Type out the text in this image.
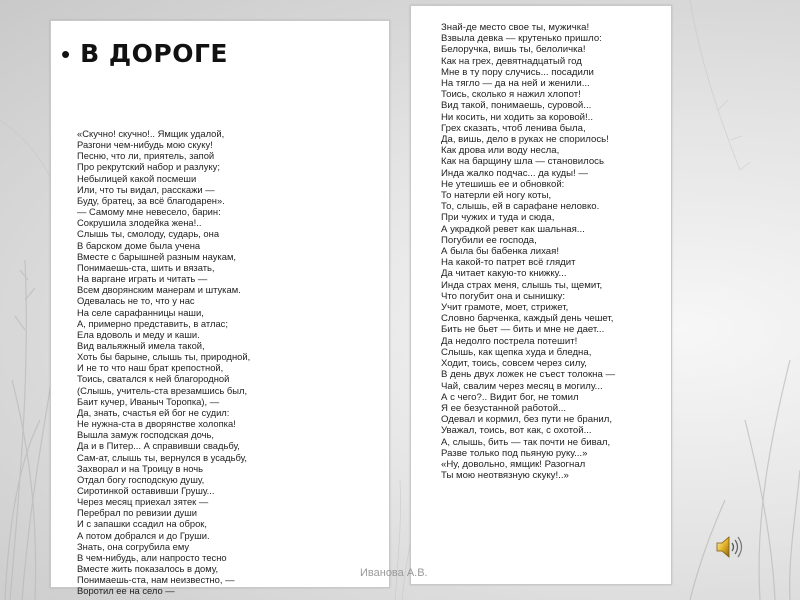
• В ДОРОГЕ
«Скучно! скучно!.. Ямщик удалой,
Разгони чем-нибудь мою скуку!
Песню, что ли, приятель, запой
Про рекрутский набор и разлуку;
Небылицей какой посмеши
Или, что ты видал, расскажи —
Буду, братец, за всё благодарен».
— Самому мне невесело, барин:
Сокрушила злодейка жена!..
Слышь ты, смолоду, сударь, она
В барском доме была учена
Вместе с барышней разным наукам,
Понимаешь-ста, шить и вязать,
На варгане играть и читать —
Всем дворянским манерам и штукам.
Одевалась не то, что у нас
На селе сарафанницы наши,
А, примерно представить, в атлас;
Ела вдоволь и меду и каши.
Вид вальяжный имела такой,
Хоть бы барыне, слышь ты, природной,
И не то что наш брат крепостной,
Тоись, сватался к ней благородной
(Слышь, учитель-ста врезамшись был,
Баит кучер, Иваныч Торопка), —
Да, знать, счастья ей бог не судил:
Не нужна-ста в дворянстве холопка!
Вышла замуж господская дочь,
Да и в Питер... А справивши свадьбу,
Сам-ат, слышь ты, вернулся в усадьбу,
Захворал и на Троицу в ночь
Отдал богу господскую душу,
Сиротинкой оставивши Грушу...
Через месяц приехал зятек —
Перебрал по ревизии души
И с запашки ссадил на оброк,
А потом добрался и до Груши.
Знать, она согрубила ему
В чем-нибудь, али напросто тесно
Вместе жить показалось в дому,
Понимаешь-ста, нам неизвестно, —
Воротил ее на село —
Знай-де место свое ты, мужичка!
Взвыла девка — крутенько пришло:
Белоручка, вишь ты, белоличка!
Как на грех, девятнадцатый год
Мне в ту пору случись... посадили
На тягло — да на ней и женили...
Тоись, сколько я нажил хлопот!
Вид такой, понимаешь, суровой...
Ни косить, ни ходить за коровой!..
Грех сказать, чтоб ленива была,
Да, вишь, дело в руках не спорилось!
Как дрова или воду несла,
Как на барщину шла — становилось
Инда жалко подчас... да куды! —
Не утешишь ее и обновкой:
То натерли ей ногу коты,
То, слышь, ей в сарафане неловко.
При чужих и туда и сюда,
А украдкой ревет как шальная...
Погубили ее господа,
А была бы бабенка лихая!
На какой-то патрет всё глядит
Да читает какую-то книжку...
Инда страх меня, слышь ты, щемит,
Что погубит она и сынишку:
Учит грамоте, моет, стрижет,
Словно барченка, каждый день чешет,
Бить не бьет — бить и мне не дает...
Да недолго пострела потешит!
Слышь, как щепка худа и бледна,
Ходит, тоись, совсем через силу,
В день двух ложек не съест толокна —
Чай, свалим через месяц в могилу...
А с чего?.. Видит бог, не томил
Я ее безустанной работой...
Одевал и кормил, без пути не бранил,
Уважал, тоись, вот как, с охотой...
А, слышь, бить — так почти не бивал,
Разве только под пьяную руку...»
«Ну, довольно, ямщик! Разогнал
Ты мою неотвязную скуку!..»
Иванова А.В.
